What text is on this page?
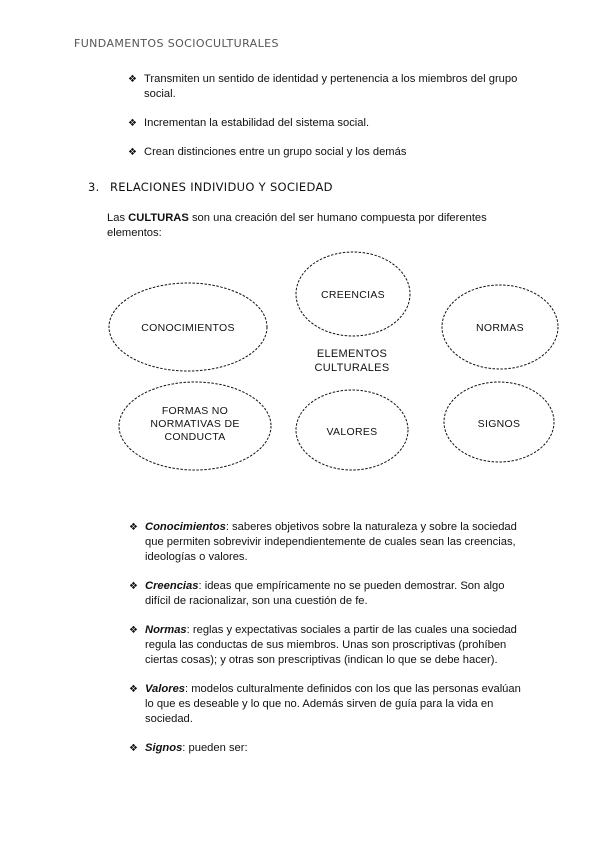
FUNDAMENTOS SOCIOCULTURALES
❖ Transmiten un sentido de identidad y pertenencia a los miembros del grupo social.
❖ Incrementan la estabilidad del sistema social.
❖ Crean distinciones entre un grupo social y los demás
3. RELACIONES INDIVIDUO Y SOCIEDAD
Las CULTURAS son una creación del ser humano compuesta por diferentes elementos:
CONOCIMIENTOS
CREENCIAS
NORMAS
FORMAS NO
NORMATIVAS DE
CONDUCTA	VALORES
SIGNOS
ELEMENTOS
CULTURALES
❖ Conocimientos: saberes objetivos sobre la naturaleza y sobre la sociedad que permiten sobrevivir independientemente de cuales sean las creencias, ideologías o valores.
❖ Creencias: ideas que empíricamente no se pueden demostrar. Son algo difícil de racionalizar, son una cuestión de fe.
❖ Normas: reglas y expectativas sociales a partir de las cuales una sociedad regula las conductas de sus miembros. Unas son proscriptivas (prohíben ciertas cosas); y otras son prescriptivas (indican lo que se debe hacer).
❖ Valores: modelos culturalmente definidos con los que las personas evalúan lo que es deseable y lo que no. Además sirven de guía para la vida en sociedad.
❖ Signos: pueden ser:
